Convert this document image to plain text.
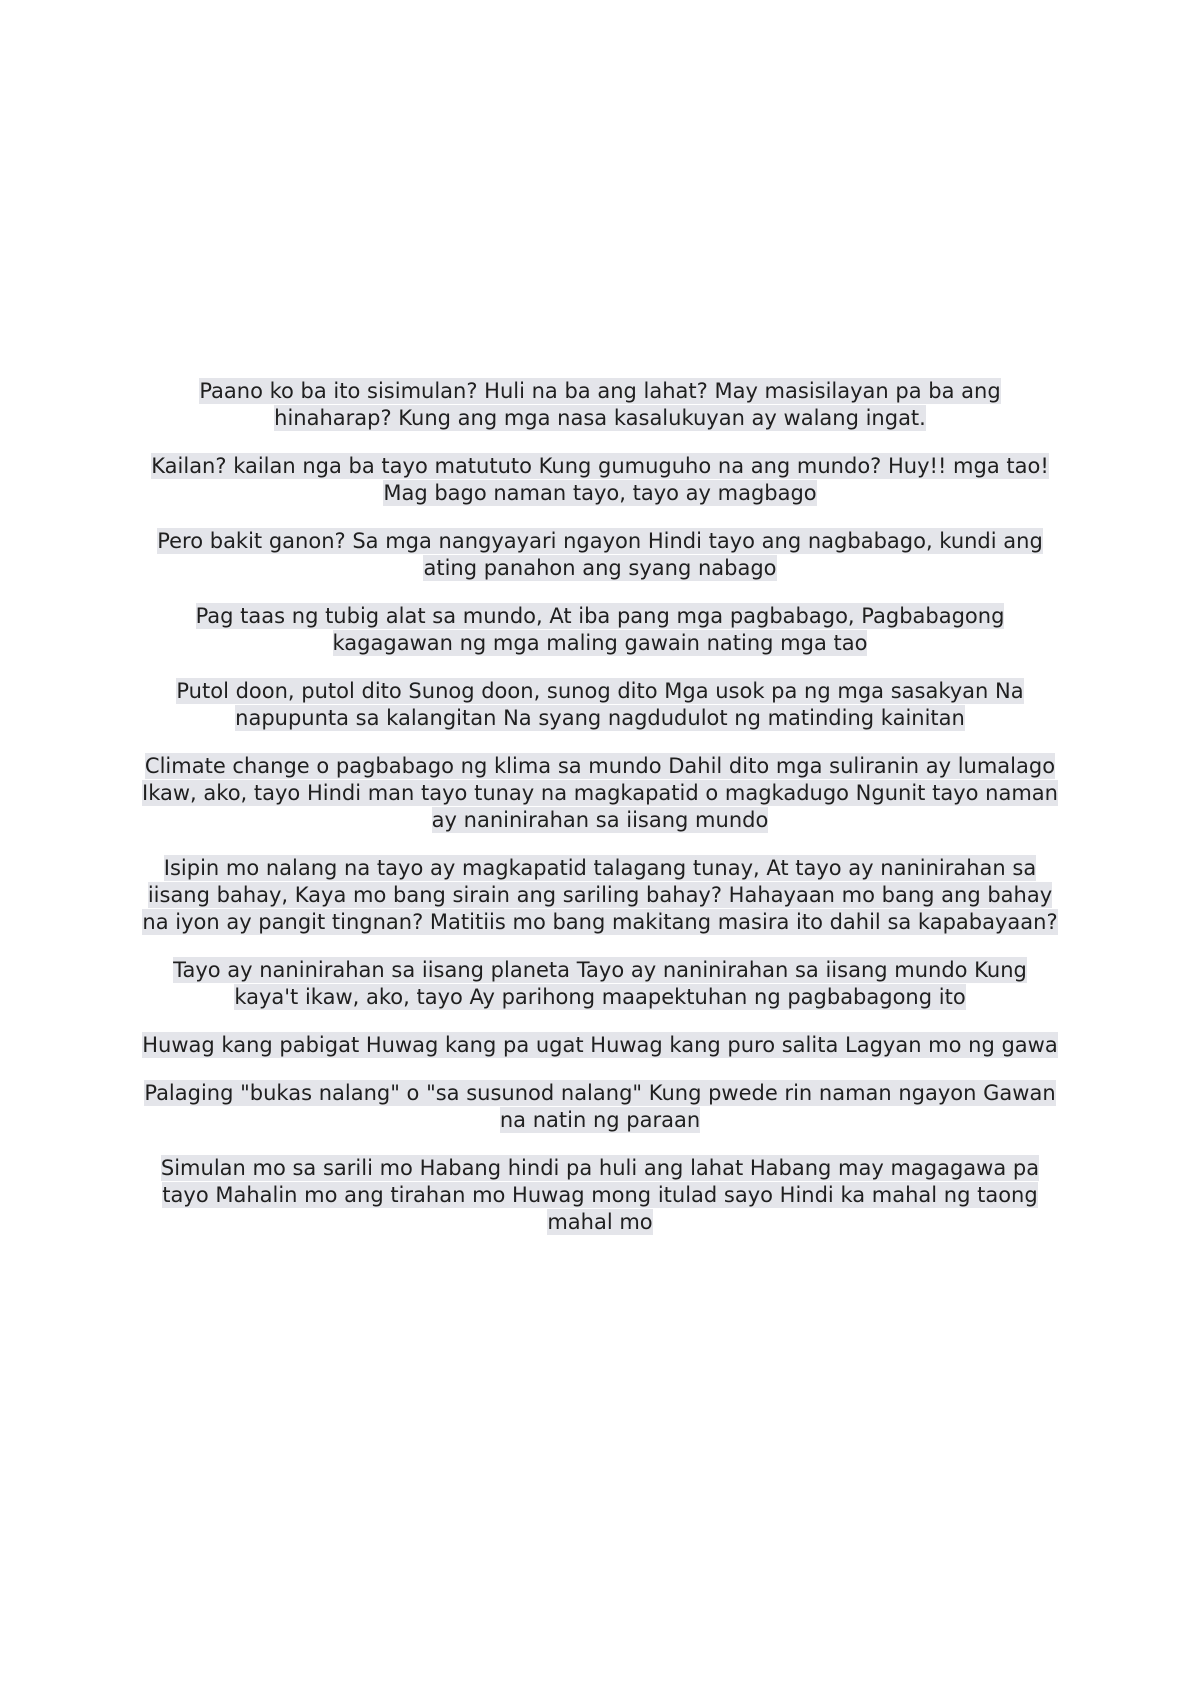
Paano ko ba ito sisimulan? Huli na ba ang lahat? May masisilayan pa ba ang hinaharap? Kung ang mga nasa kasalukuyan ay walang ingat.

Kailan? kailan nga ba tayo matututo Kung gumuguho na ang mundo? Huy!! mga tao! Mag bago naman tayo, tayo ay magbago

Pero bakit ganon? Sa mga nangyayari ngayon Hindi tayo ang nagbabago, kundi ang ating panahon ang syang nabago

Pag taas ng tubig alat sa mundo, At iba pang mga pagbabago, Pagbabagong kagagawan ng mga maling gawain nating mga tao

Putol doon, putol dito Sunog doon, sunog dito Mga usok pa ng mga sasakyan Na napupunta sa kalangitan Na syang nagdudulot ng matinding kainitan

Climate change o pagbabago ng klima sa mundo Dahil dito mga suliranin ay lumalago Ikaw, ako, tayo Hindi man tayo tunay na magkapatid o magkadugo Ngunit tayo naman ay naninirahan sa iisang mundo

Isipin mo nalang na tayo ay magkapatid talagang tunay, At tayo ay naninirahan sa iisang bahay, Kaya mo bang sirain ang sariling bahay? Hahayaan mo bang ang bahay na iyon ay pangit tingnan? Matitiis mo bang makitang masira ito dahil sa kapabayaan?

Tayo ay naninirahan sa iisang planeta Tayo ay naninirahan sa iisang mundo Kung kaya't ikaw, ako, tayo Ay parihong maapektuhan ng pagbabagong ito

Huwag kang pabigat Huwag kang pa ugat Huwag kang puro salita Lagyan mo ng gawa

Palaging "bukas nalang" o "sa susunod nalang" Kung pwede rin naman ngayon Gawan na natin ng paraan

Simulan mo sa sarili mo Habang hindi pa huli ang lahat Habang may magagawa pa tayo Mahalin mo ang tirahan mo Huwag mong itulad sayo Hindi ka mahal ng taong mahal mo
